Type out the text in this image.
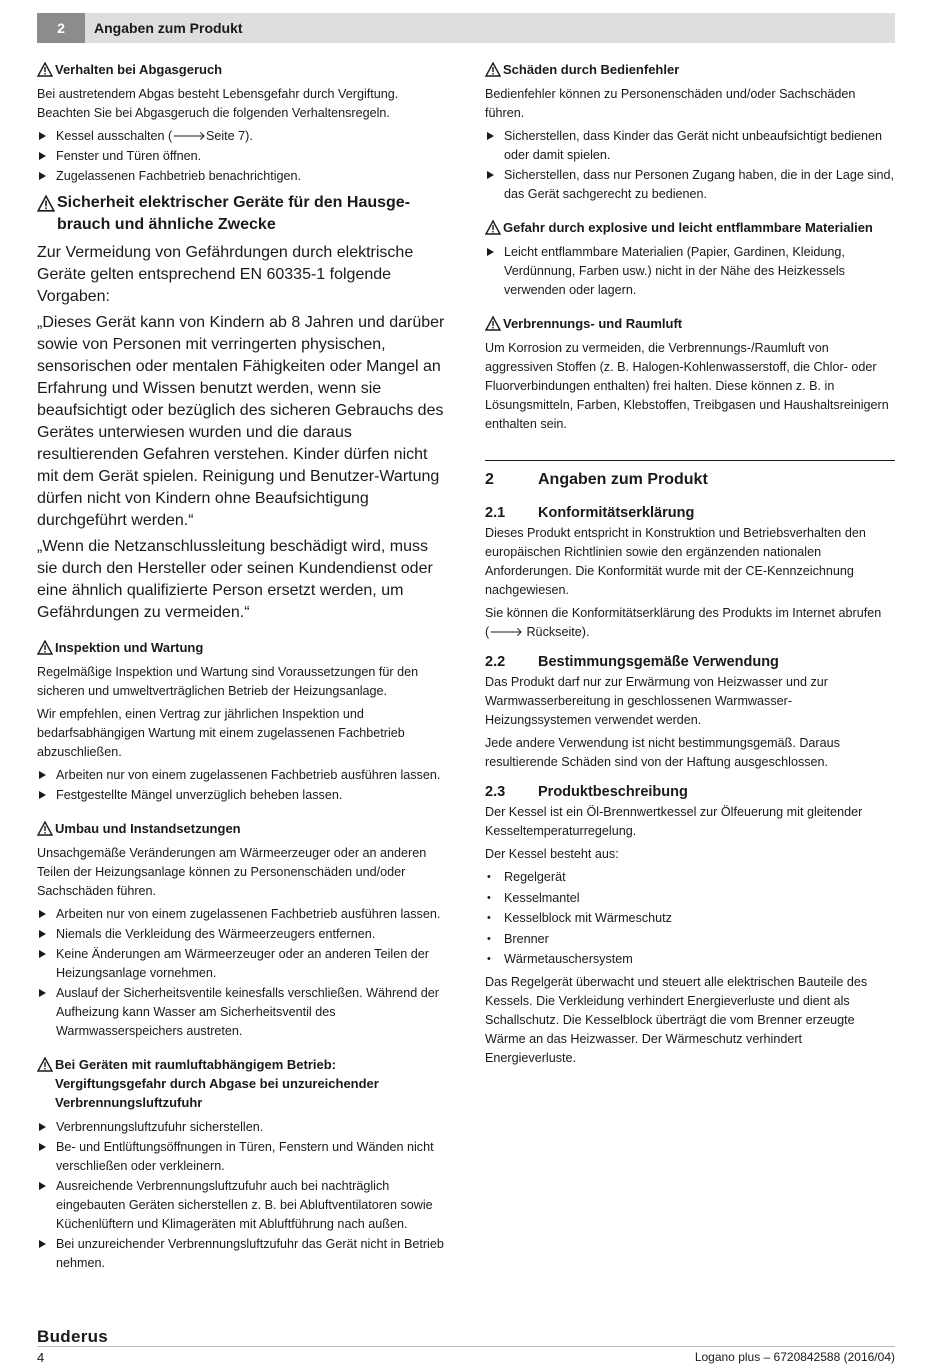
2	Angaben zum Produkt
Verhalten bei Abgasgeruch

Bei austretendem Abgas besteht Lebensgefahr durch Vergiftung. Beachten Sie bei Abgasgeruch die folgenden Verhaltensregeln.

Kessel ausschalten (🡒Seite 7).
Fenster und Türen öffnen.
Zugelassenen Fachbetrieb benachrichtigen.
Sicherheit elektrischer Geräte für den Hausge- brauch und ähnliche Zwecke

Zur Vermeidung von Gefährdungen durch elektrische Geräte gelten entsprechend EN 60335-1 folgende Vorgaben:

„Dieses Gerät kann von Kindern ab 8 Jahren und darüber sowie von Personen mit verringerten physischen, sensorischen oder mentalen Fähigkeiten oder Mangel an Erfahrung und Wissen benutzt werden, wenn sie beaufsichtigt oder bezüglich des sicheren Gebrauchs des Gerätes unterwiesen wurden und die daraus resultierenden Gefahren verstehen. Kinder dürfen nicht mit dem Gerät spielen. Reinigung und Benutzer-Wartung dürfen nicht von Kindern ohne Beaufsichtigung durchgeführt werden.“

„Wenn die Netzanschlussleitung beschädigt wird, muss sie durch den Hersteller oder seinen Kundendienst oder eine ähnlich qualifizierte Person ersetzt werden, um Gefährdungen zu vermeiden.“

Inspektion und Wartung

Regelmäßige Inspektion und Wartung sind Voraussetzungen für den sicheren und umweltverträglichen Betrieb der Heizungsanlage.

Wir empfehlen, einen Vertrag zur jährlichen Inspektion und bedarfsabhängigen Wartung mit einem zugelassenen Fachbetrieb abzuschließen.

Arbeiten nur von einem zugelassenen Fachbetrieb ausführen lassen.
Festgestellte Mängel unverzüglich beheben lassen.
Umbau und Instandsetzungen

Unsachgemäße Veränderungen am Wärmeerzeuger oder an anderen Teilen der Heizungsanlage können zu Personenschäden und/oder Sachschäden führen.

Arbeiten nur von einem zugelassenen Fachbetrieb ausführen lassen.
Niemals die Verkleidung des Wärmeerzeugers entfernen.
Keine Änderungen am Wärmeerzeuger oder an anderen Teilen der Heizungsanlage vornehmen.
Auslauf der Sicherheitsventile keinesfalls verschließen. Während der Aufheizung kann Wasser am Sicherheitsventil des Warmwasserspeichers austreten.
Bei Geräten mit raumluftabhängigem Betrieb: Vergiftungsgefahr durch Abgase bei unzureichender Verbrennungsluftzufuhr
Verbrennungsluftzufuhr sicherstellen.
Be- und Entlüftungsöffnungen in Türen, Fenstern und Wänden nicht verschließen oder verkleinern.
Ausreichende Verbrennungsluftzufuhr auch bei nachträglich eingebauten Geräten sicherstellen z. B. bei Abluftventilatoren sowie Küchenlüftern und Klimageräten mit Abluftführung nach außen.
Bei unzureichender Verbrennungsluftzufuhr das Gerät nicht in Betrieb nehmen.
Schäden durch Bedienfehler

Bedienfehler können zu Personenschäden und/oder Sachschäden führen.

Sicherstellen, dass Kinder das Gerät nicht unbeaufsichtigt bedienen oder damit spielen.
Sicherstellen, dass nur Personen Zugang haben, die in der Lage sind, das Gerät sachgerecht zu bedienen.
Gefahr durch explosive und leicht entflammbare Materialien
Leicht entflammbare Materialien (Papier, Gardinen, Kleidung, Verdünnung, Farben usw.) nicht in der Nähe des Heizkessels verwenden oder lagern.
Verbrennungs- und Raumluft

Um Korrosion zu vermeiden, die Verbrennungs-/Raumluft von aggressiven Stoffen (z. B. Halogen-Kohlenwasserstoff, die Chlor- oder Fluorverbindungen enthalten) frei halten. Diese können z. B. in Lösungsmitteln, Farben, Klebstoffen, Treibgasen und Haushaltsreinigern enthalten sein.

2	Angaben zum Produkt
2.1 Konformitätserklärung

Dieses Produkt entspricht in Konstruktion und Betriebsverhalten den europäischen Richtlinien sowie den ergänzenden nationalen Anforderungen. Die Konformität wurde mit der CE-Kennzeichnung nachgewiesen.

Sie können die Konformitätserklärung des Produkts im Internet abrufen (🡒 Rückseite).

2.2 Bestimmungsgemäße Verwendung

Das Produkt darf nur zur Erwärmung von Heizwasser und zur Warmwasserbereitung in geschlossenen Warmwasser-Heizungssystemen verwendet werden.

Jede andere Verwendung ist nicht bestimmungsgemäß. Daraus resultierende Schäden sind von der Haftung ausgeschlossen.

2.3 Produktbeschreibung

Der Kessel ist ein Öl-Brennwertkessel zur Ölfeuerung mit gleitender Kesseltemperaturregelung.

Der Kessel besteht aus:

• Regelgerät
• Kesselmantel
• Kesselblock mit Wärmeschutz
• Brenner
• Wärmetauschersystem

Das Regelgerät überwacht und steuert alle elektrischen Bauteile des Kessels. Die Verkleidung verhindert Energieverluste und dient als Schallschutz. Die Kesselblock überträgt die vom Brenner erzeugte Wärme an das Heizwasser. Der Wärmeschutz verhindert Energieverluste.

Buderus
4	Logano plus – 6720842588 (2016/04)
